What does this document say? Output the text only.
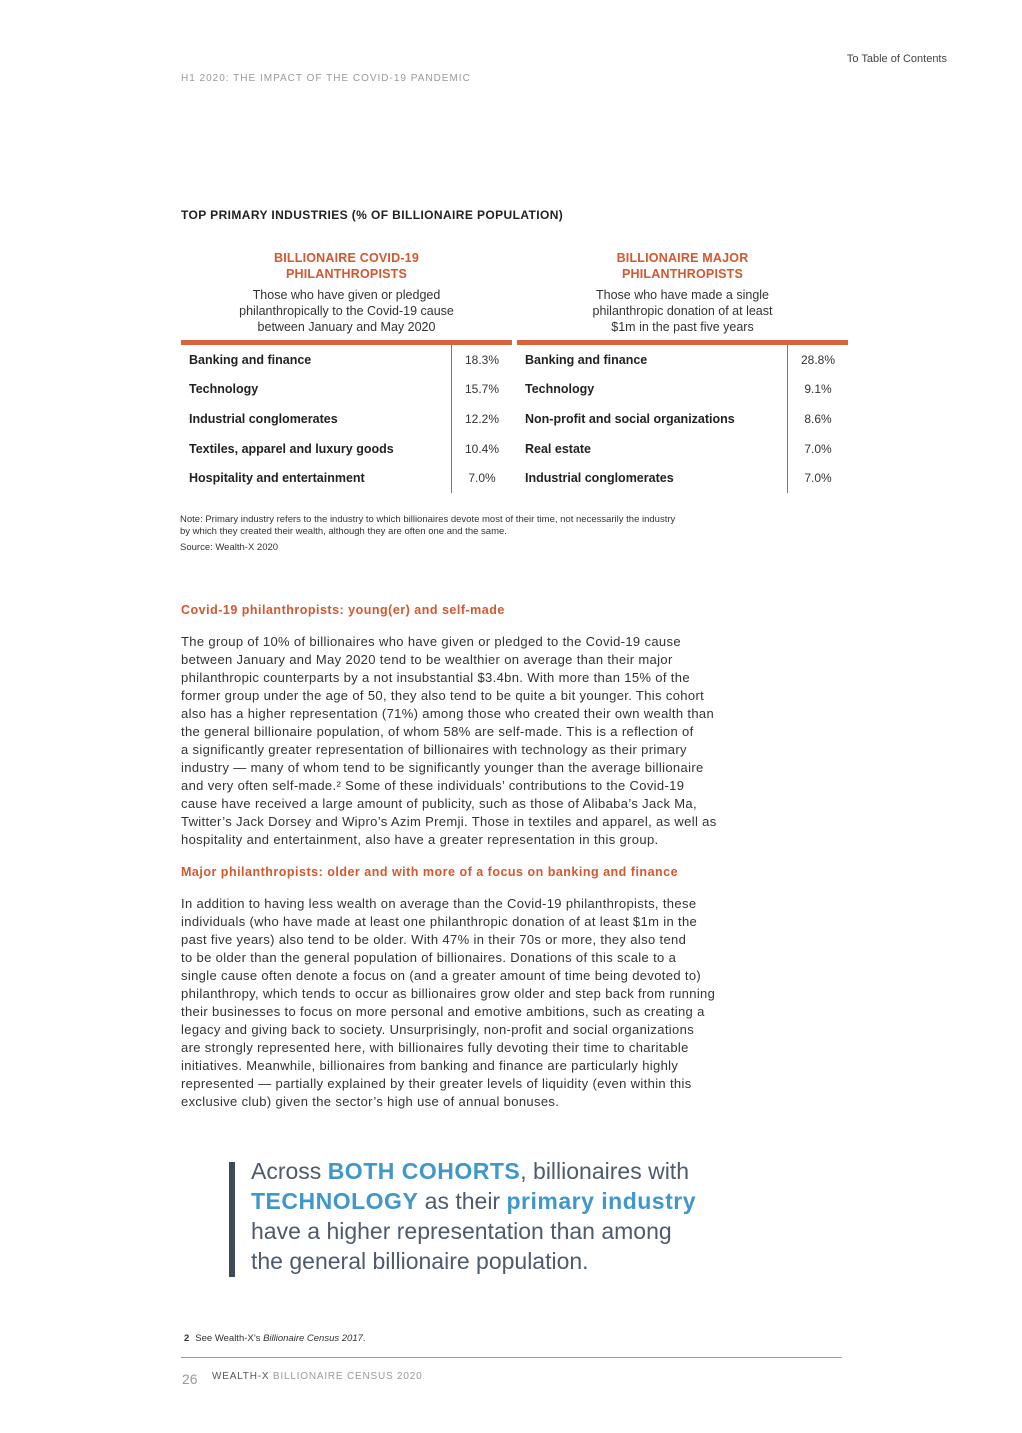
To Table of Contents
H1 2020: THE IMPACT OF THE COVID-19 PANDEMIC
TOP PRIMARY INDUSTRIES (% OF BILLIONAIRE POPULATION)
BILLIONAIRE COVID-19
PHILANTHROPISTS
Those who have given or pledged
philanthropically to the Covid-19 cause
between January and May 2020
Banking and finance	18.3%
Technology	15.7%
Industrial conglomerates	12.2%
Textiles, apparel and luxury goods	10.4%
Hospitality and entertainment	7.0%
BILLIONAIRE MAJOR
PHILANTHROPISTS
Those who have made a single
philanthropic donation of at least
$1m in the past five years
Banking and finance	28.8%
Technology	9.1%
Non-profit and social organizations	8.6%
Real estate	7.0%
Industrial conglomerates	7.0%
Note: Primary industry refers to the industry to which billionaires devote most of their time, not necessarily the industry
by which they created their wealth, although they are often one and the same.
Source: Wealth-X 2020
Covid-19 philanthropists: young(er) and self-made
The group of 10% of billionaires who have given or pledged to the Covid-19 cause
between January and May 2020 tend to be wealthier on average than their major
philanthropic counterparts by a not insubstantial $3.4bn. With more than 15% of the
former group under the age of 50, they also tend to be quite a bit younger. This cohort
also has a higher representation (71%) among those who created their own wealth than
the general billionaire population, of whom 58% are self-made. This is a reflection of
a significantly greater representation of billionaires with technology as their primary
industry — many of whom tend to be significantly younger than the average billionaire
and very often self-made.² Some of these individuals’ contributions to the Covid-19
cause have received a large amount of publicity, such as those of Alibaba’s Jack Ma,
Twitter’s Jack Dorsey and Wipro’s Azim Premji. Those in textiles and apparel, as well as
hospitality and entertainment, also have a greater representation in this group.
Major philanthropists: older and with more of a focus on banking and finance
In addition to having less wealth on average than the Covid-19 philanthropists, these
individuals (who have made at least one philanthropic donation of at least $1m in the
past five years) also tend to be older. With 47% in their 70s or more, they also tend
to be older than the general population of billionaires. Donations of this scale to a
single cause often denote a focus on (and a greater amount of time being devoted to)
philanthropy, which tends to occur as billionaires grow older and step back from running
their businesses to focus on more personal and emotive ambitions, such as creating a
legacy and giving back to society. Unsurprisingly, non-profit and social organizations
are strongly represented here, with billionaires fully devoting their time to charitable
initiatives. Meanwhile, billionaires from banking and finance are particularly highly
represented — partially explained by their greater levels of liquidity (even within this
exclusive club) given the sector’s high use of annual bonuses.
Across BOTH COHORTS, billionaires with
TECHNOLOGY as their primary industry
have a higher representation than among
the general billionaire population.
2 See Wealth-X’s Billionaire Census 2017.
26 WEALTH-X BILLIONAIRE CENSUS 2020
